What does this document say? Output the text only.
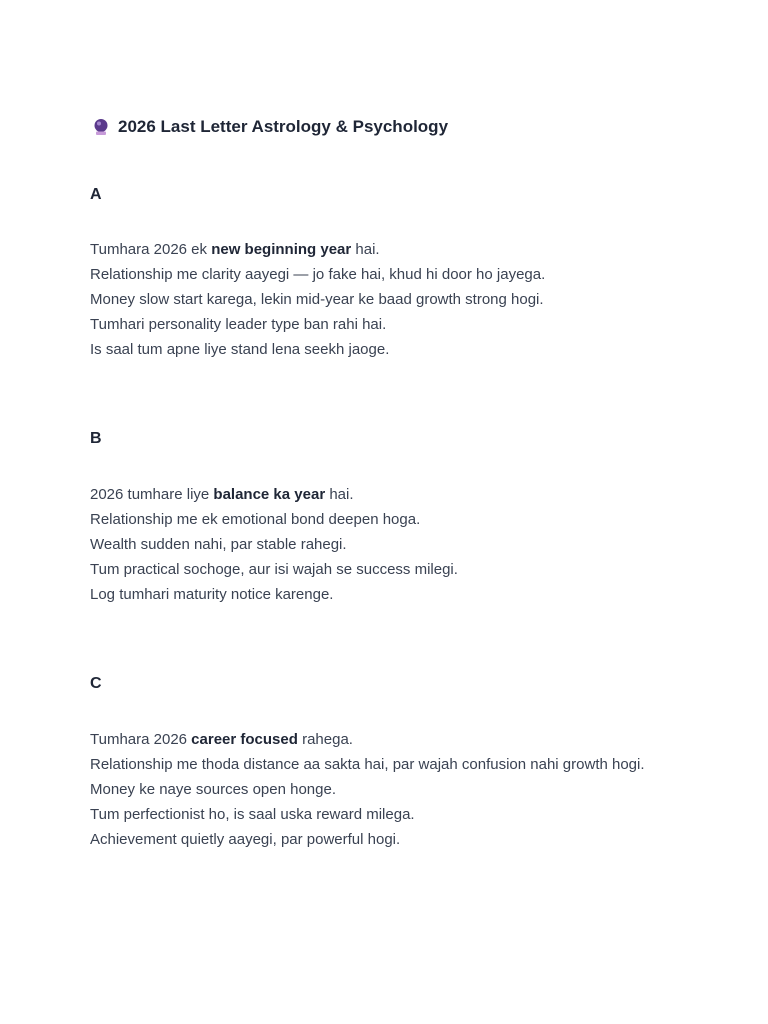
2026 Last Letter Astrology & Psychology
A
Tumhara 2026 ek new beginning year hai.
Relationship me clarity aayegi — jo fake hai, khud hi door ho jayega.
Money slow start karega, lekin mid-year ke baad growth strong hogi.
Tumhari personality leader type ban rahi hai.
Is saal tum apne liye stand lena seekh jaoge.
B
2026 tumhare liye balance ka year hai.
Relationship me ek emotional bond deepen hoga.
Wealth sudden nahi, par stable rahegi.
Tum practical sochoge, aur isi wajah se success milegi.
Log tumhari maturity notice karenge.
C
Tumhara 2026 career focused rahega.
Relationship me thoda distance aa sakta hai, par wajah confusion nahi growth hogi.
Money ke naye sources open honge.
Tum perfectionist ho, is saal uska reward milega.
Achievement quietly aayegi, par powerful hogi.
